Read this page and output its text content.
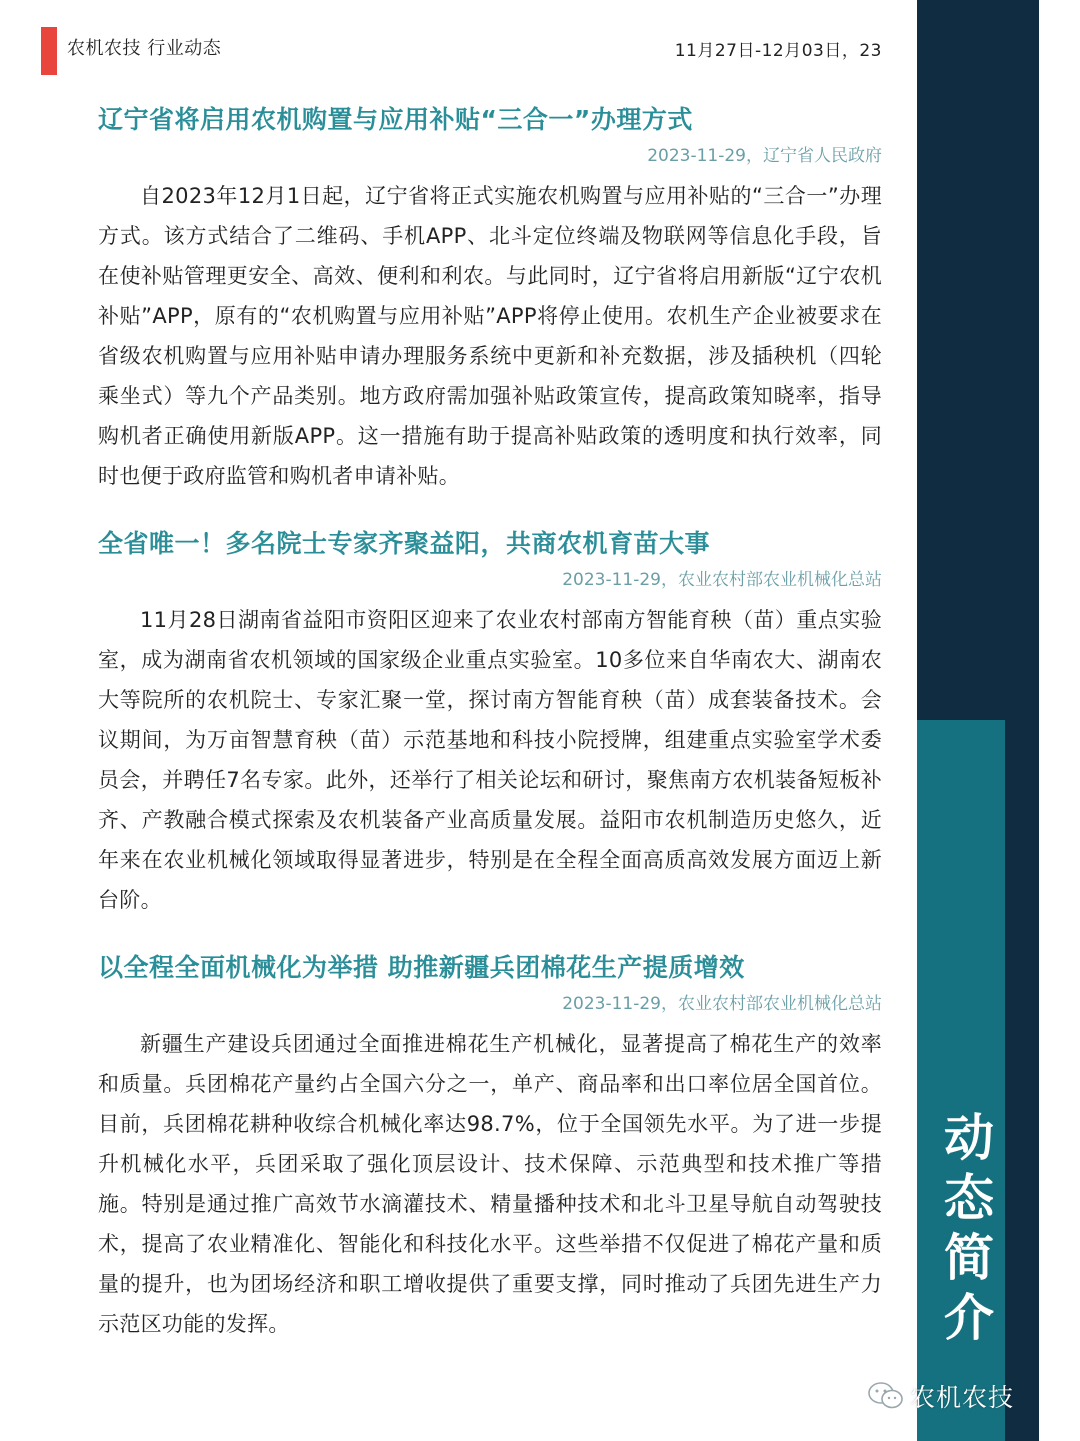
动
态
简
介
农机农技 行业动态	11月27日-12月03日，23
辽宁省将启用农机购置与应用补贴“三合一”办理方式
2023-11-29，辽宁省人民政府

自2023年12月1日起，辽宁省将正式实施农机购置与应用补贴的“三合一”办理方式。该方式结合了二维码、手机APP、北斗定位终端及物联网等信息化手段，旨在使补贴管理更安全、高效、便利和利农。与此同时，辽宁省将启用新版“辽宁农机补贴”APP，原有的“农机购置与应用补贴”APP将停止使用。农机生产企业被要求在省级农机购置与应用补贴申请办理服务系统中更新和补充数据，涉及插秧机（四轮乘坐式）等九个产品类别。地方政府需加强补贴政策宣传，提高政策知晓率，指导购机者正确使用新版APP。这一措施有助于提高补贴政策的透明度和执行效率，同时也便于政府监管和购机者申请补贴。

全省唯一！多名院士专家齐聚益阳，共商农机育苗大事
2023-11-29，农业农村部农业机械化总站

11月28日湖南省益阳市资阳区迎来了农业农村部南方智能育秧（苗）重点实验室，成为湖南省农机领域的国家级企业重点实验室。10多位来自华南农大、湖南农大等院所的农机院士、专家汇聚一堂，探讨南方智能育秧（苗）成套装备技术。会议期间，为万亩智慧育秧（苗）示范基地和科技小院授牌，组建重点实验室学术委员会，并聘任7名专家。此外，还举行了相关论坛和研讨，聚焦南方农机装备短板补齐、产教融合模式探索及农机装备产业高质量发展。益阳市农机制造历史悠久，近年来在农业机械化领域取得显著进步，特别是在全程全面高质高效发展方面迈上新台阶。

以全程全面机械化为举措 助推新疆兵团棉花生产提质增效
2023-11-29，农业农村部农业机械化总站

新疆生产建设兵团通过全面推进棉花生产机械化，显著提高了棉花生产的效率和质量。兵团棉花产量约占全国六分之一，单产、商品率和出口率位居全国首位。目前，兵团棉花耕种收综合机械化率达98.7%，位于全国领先水平。为了进一步提升机械化水平，兵团采取了强化顶层设计、技术保障、示范典型和技术推广等措施。特别是通过推广高效节水滴灌技术、精量播种技术和北斗卫星导航自动驾驶技术，提高了农业精准化、智能化和科技化水平。这些举措不仅促进了棉花产量和质量的提升，也为团场经济和职工增收提供了重要支撑，同时推动了兵团先进生产力示范区功能的发挥。

农机农技
